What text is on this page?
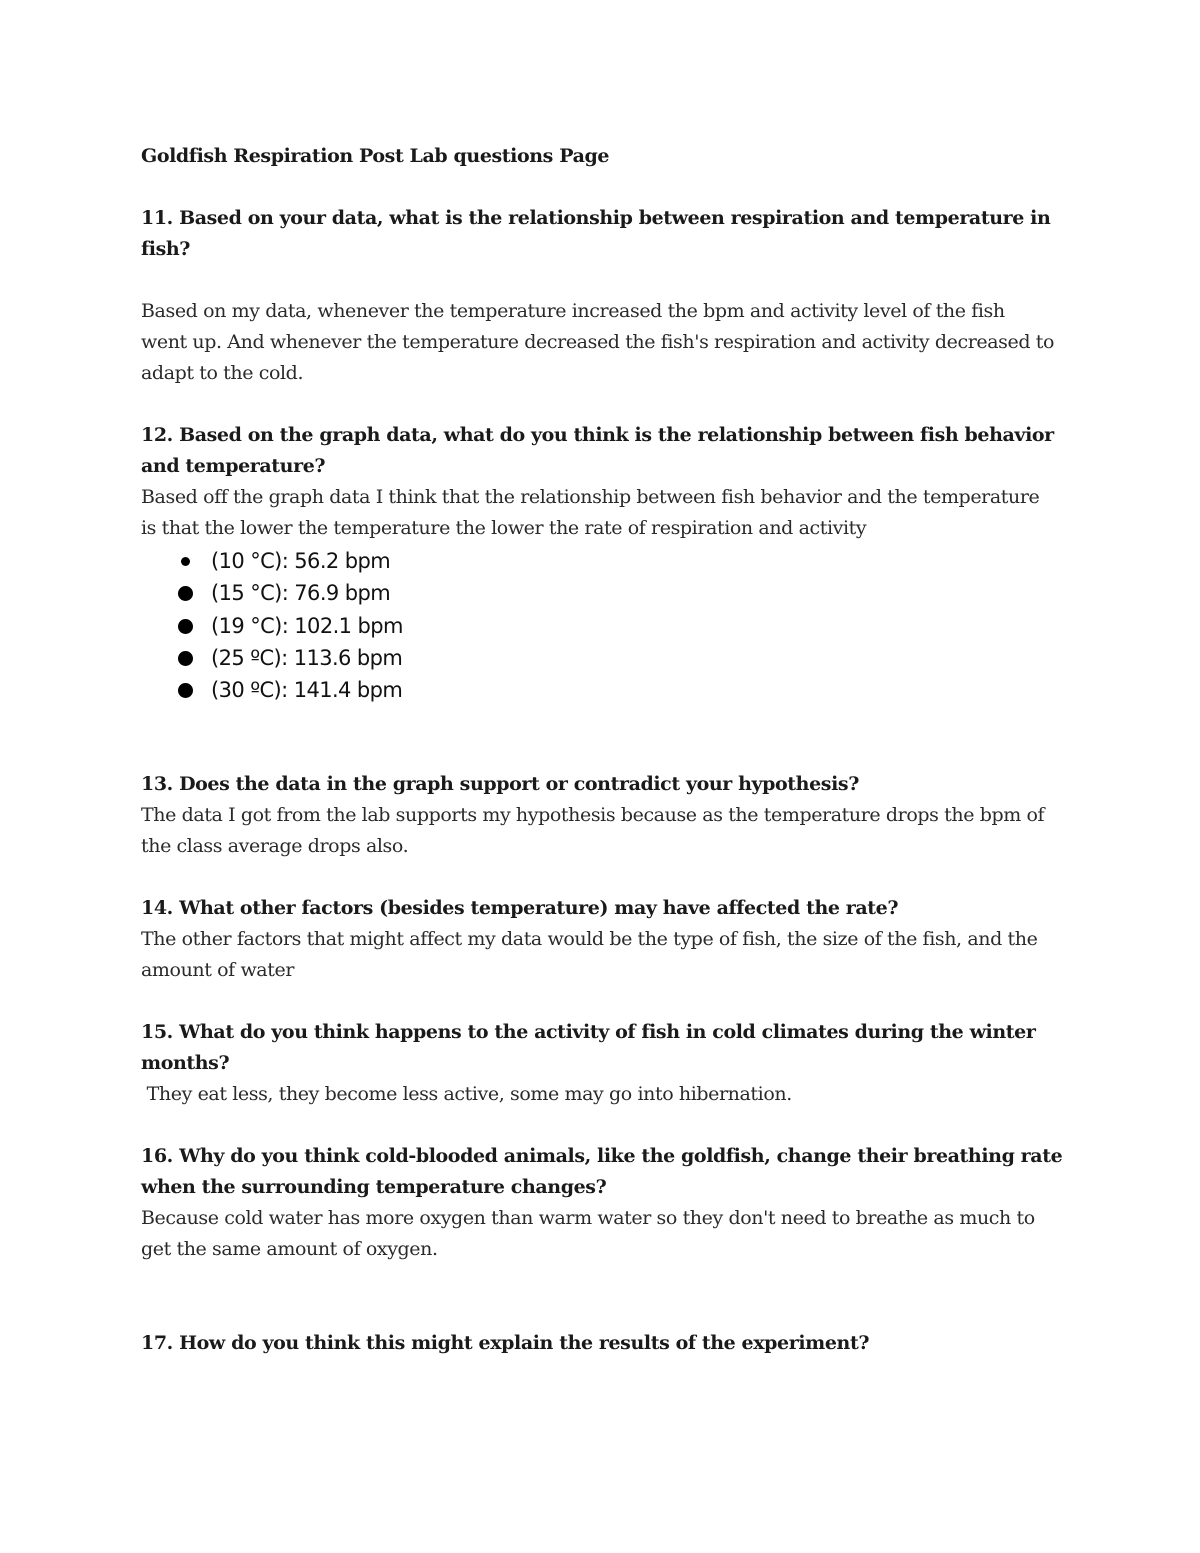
Goldfish Respiration Post Lab questions Page
11. Based on your data, what is the relationship between respiration and temperature in
fish?
Based on my data, whenever the temperature increased the bpm and activity level of the fish
went up. And whenever the temperature decreased the fish's respiration and activity decreased to
adapt to the cold.
12. Based on the graph data, what do you think is the relationship between fish behavior
and temperature?
Based off the graph data I think that the relationship between fish behavior and the temperature
is that the lower the temperature the lower the rate of respiration and activity
(10 °C): 56.2 bpm
(15 °C): 76.9 bpm
(19 °C): 102.1 bpm
(25 ºC): 113.6 bpm
(30 ºC): 141.4 bpm
13. Does the data in the graph support or contradict your hypothesis?
The data I got from the lab supports my hypothesis because as the temperature drops the bpm of
the class average drops also.
14. What other factors (besides temperature) may have affected the rate?
The other factors that might affect my data would be the type of fish, the size of the fish, and the
amount of water
15. What do you think happens to the activity of fish in cold climates during the winter
months?
They eat less, they become less active, some may go into hibernation.
16. Why do you think cold-blooded animals, like the goldfish, change their breathing rate
when the surrounding temperature changes?
Because cold water has more oxygen than warm water so they don't need to breathe as much to
get the same amount of oxygen.
17. How do you think this might explain the results of the experiment?
